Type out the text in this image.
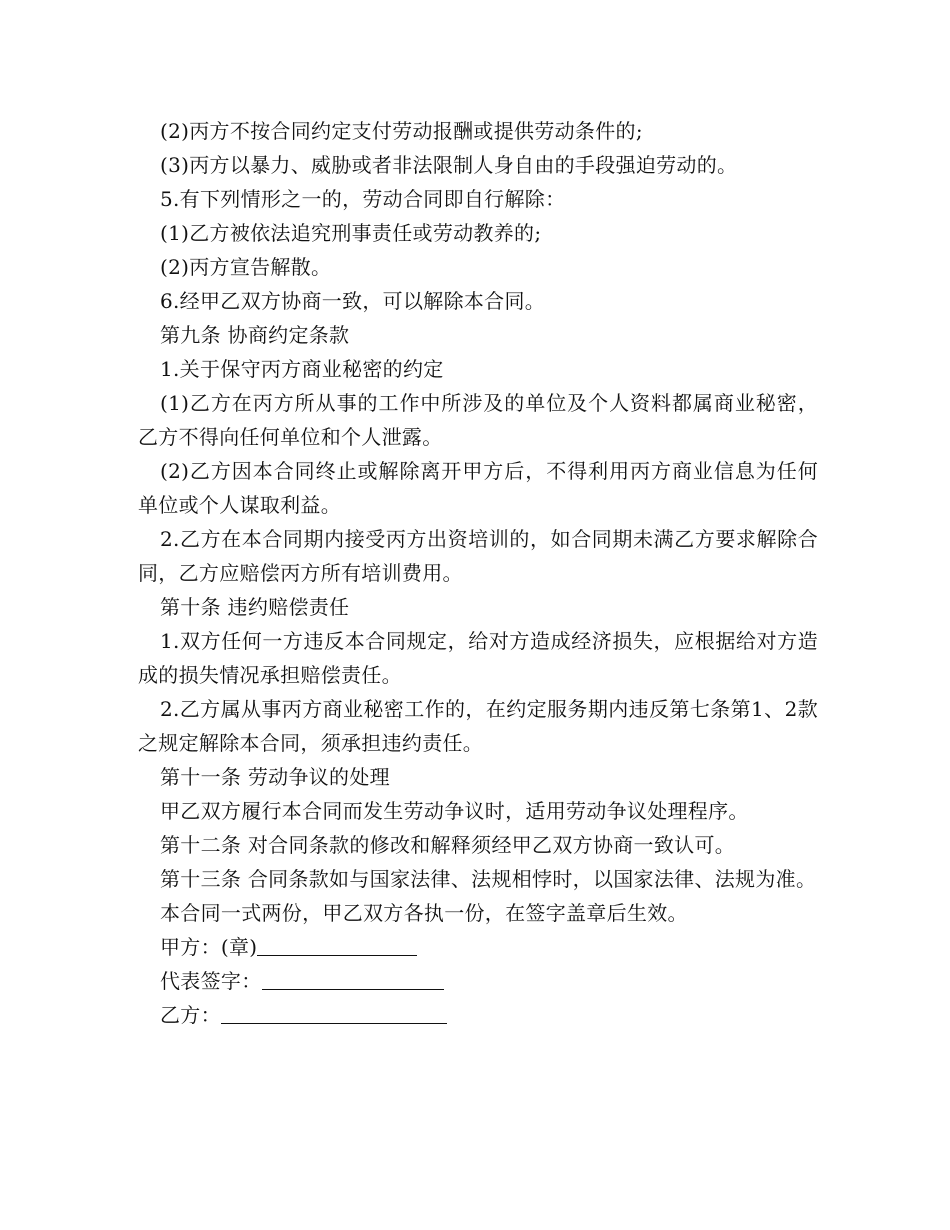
(2)丙方不按合同约定支付劳动报酬或提供劳动条件的;

(3)丙方以暴力、威胁或者非法限制人身自由的手段强迫劳动的。

5.有下列情形之一的，劳动合同即自行解除：

(1)乙方被依法追究刑事责任或劳动教养的;

(2)丙方宣告解散。

6.经甲乙双方协商一致，可以解除本合同。

第九条 协商约定条款

1.关于保守丙方商业秘密的约定

(1)乙方在丙方所从事的工作中所涉及的单位及个人资料都属商业秘密，乙方不得向任何单位和个人泄露。

(2)乙方因本合同终止或解除离开甲方后，不得利用丙方商业信息为任何单位或个人谋取利益。

2.乙方在本合同期内接受丙方出资培训的，如合同期未满乙方要求解除合同，乙方应赔偿丙方所有培训费用。

第十条 违约赔偿责任

1.双方任何一方违反本合同规定，给对方造成经济损失，应根据给对方造成的损失情况承担赔偿责任。

2.乙方属从事丙方商业秘密工作的，在约定服务期内违反第七条第1、2款之规定解除本合同，须承担违约责任。

第十一条 劳动争议的处理

甲乙双方履行本合同而发生劳动争议时，适用劳动争议处理程序。

第十二条 对合同条款的修改和解释须经甲乙双方协商一致认可。

第十三条 合同条款如与国家法律、法规相悖时，以国家法律、法规为准。

本合同一式两份，甲乙双方各执一份，在签字盖章后生效。

甲方：(章)

代表签字：

乙方：
